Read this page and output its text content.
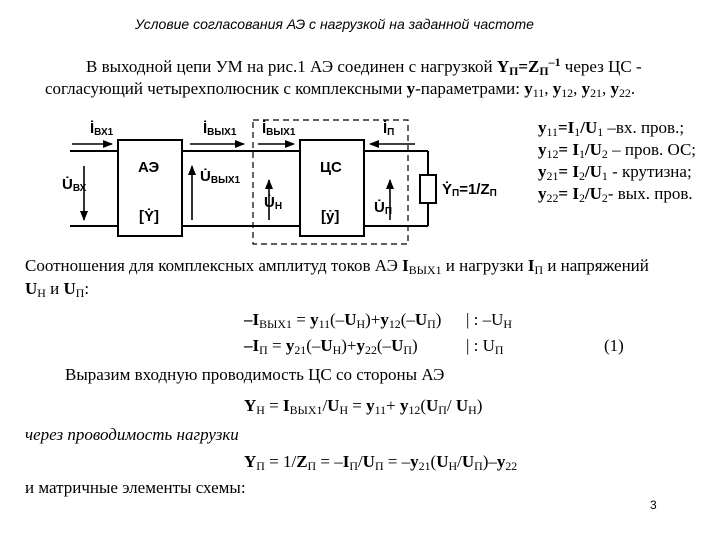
Условие согласования АЭ с нагрузкой на заданной частоте
В выходной цепи УМ на рис.1 АЭ соединен с нагрузкой $Y_П=Z_П^{-1}$ через ЦС -
согласующий четырехполюсник с комплексными y-параметрами: $y_{11}$, $y_{12}$, $y_{21}$, $y_{22}$.
İВХ1
U̇ВХ
АЭ
[Ẏ]
İВЫХ1
U̇ВЫХ1
İВЫХ1
U̇Н
ЦС
[ẏ]
İП
U̇П
ẎП=1/ZП
$y_{11}=I_1/U_1$ –вх. пров.;
$y_{12}= I_1/U_2$ – пров. ОС;
$y_{21}= I_2/U_1$ - крутизна;
$y_{22}= I_2/U_2-$ вых. пров.
Соотношения для комплексных амплитуд токов АЭ $I_{ВЫХ1}$ и нагрузки $I_П$ и напряжений
$U_Н$ и $U_П$:
$-I_{ВЫХ1} = y_{11}(-U_Н)+y_{12}(-U_П)$ | : $-U_Н$
$-I_П = y_{21}(-U_Н)+y_{22}(-U_П)$	| : $U_П$	(1)
Выразим входную проводимость ЦС со стороны АЭ
$Y_Н = I_{ВЫХ1}/U_Н = y_{11}+ y_{12}(U_П/$ $U_Н$)
через проводимость нагрузки
$Y_П = 1/Z_П = -I_П/U_П = -y_{21}(U_Н/U_П)-y_{22}$
и матричные элементы схемы:
3
